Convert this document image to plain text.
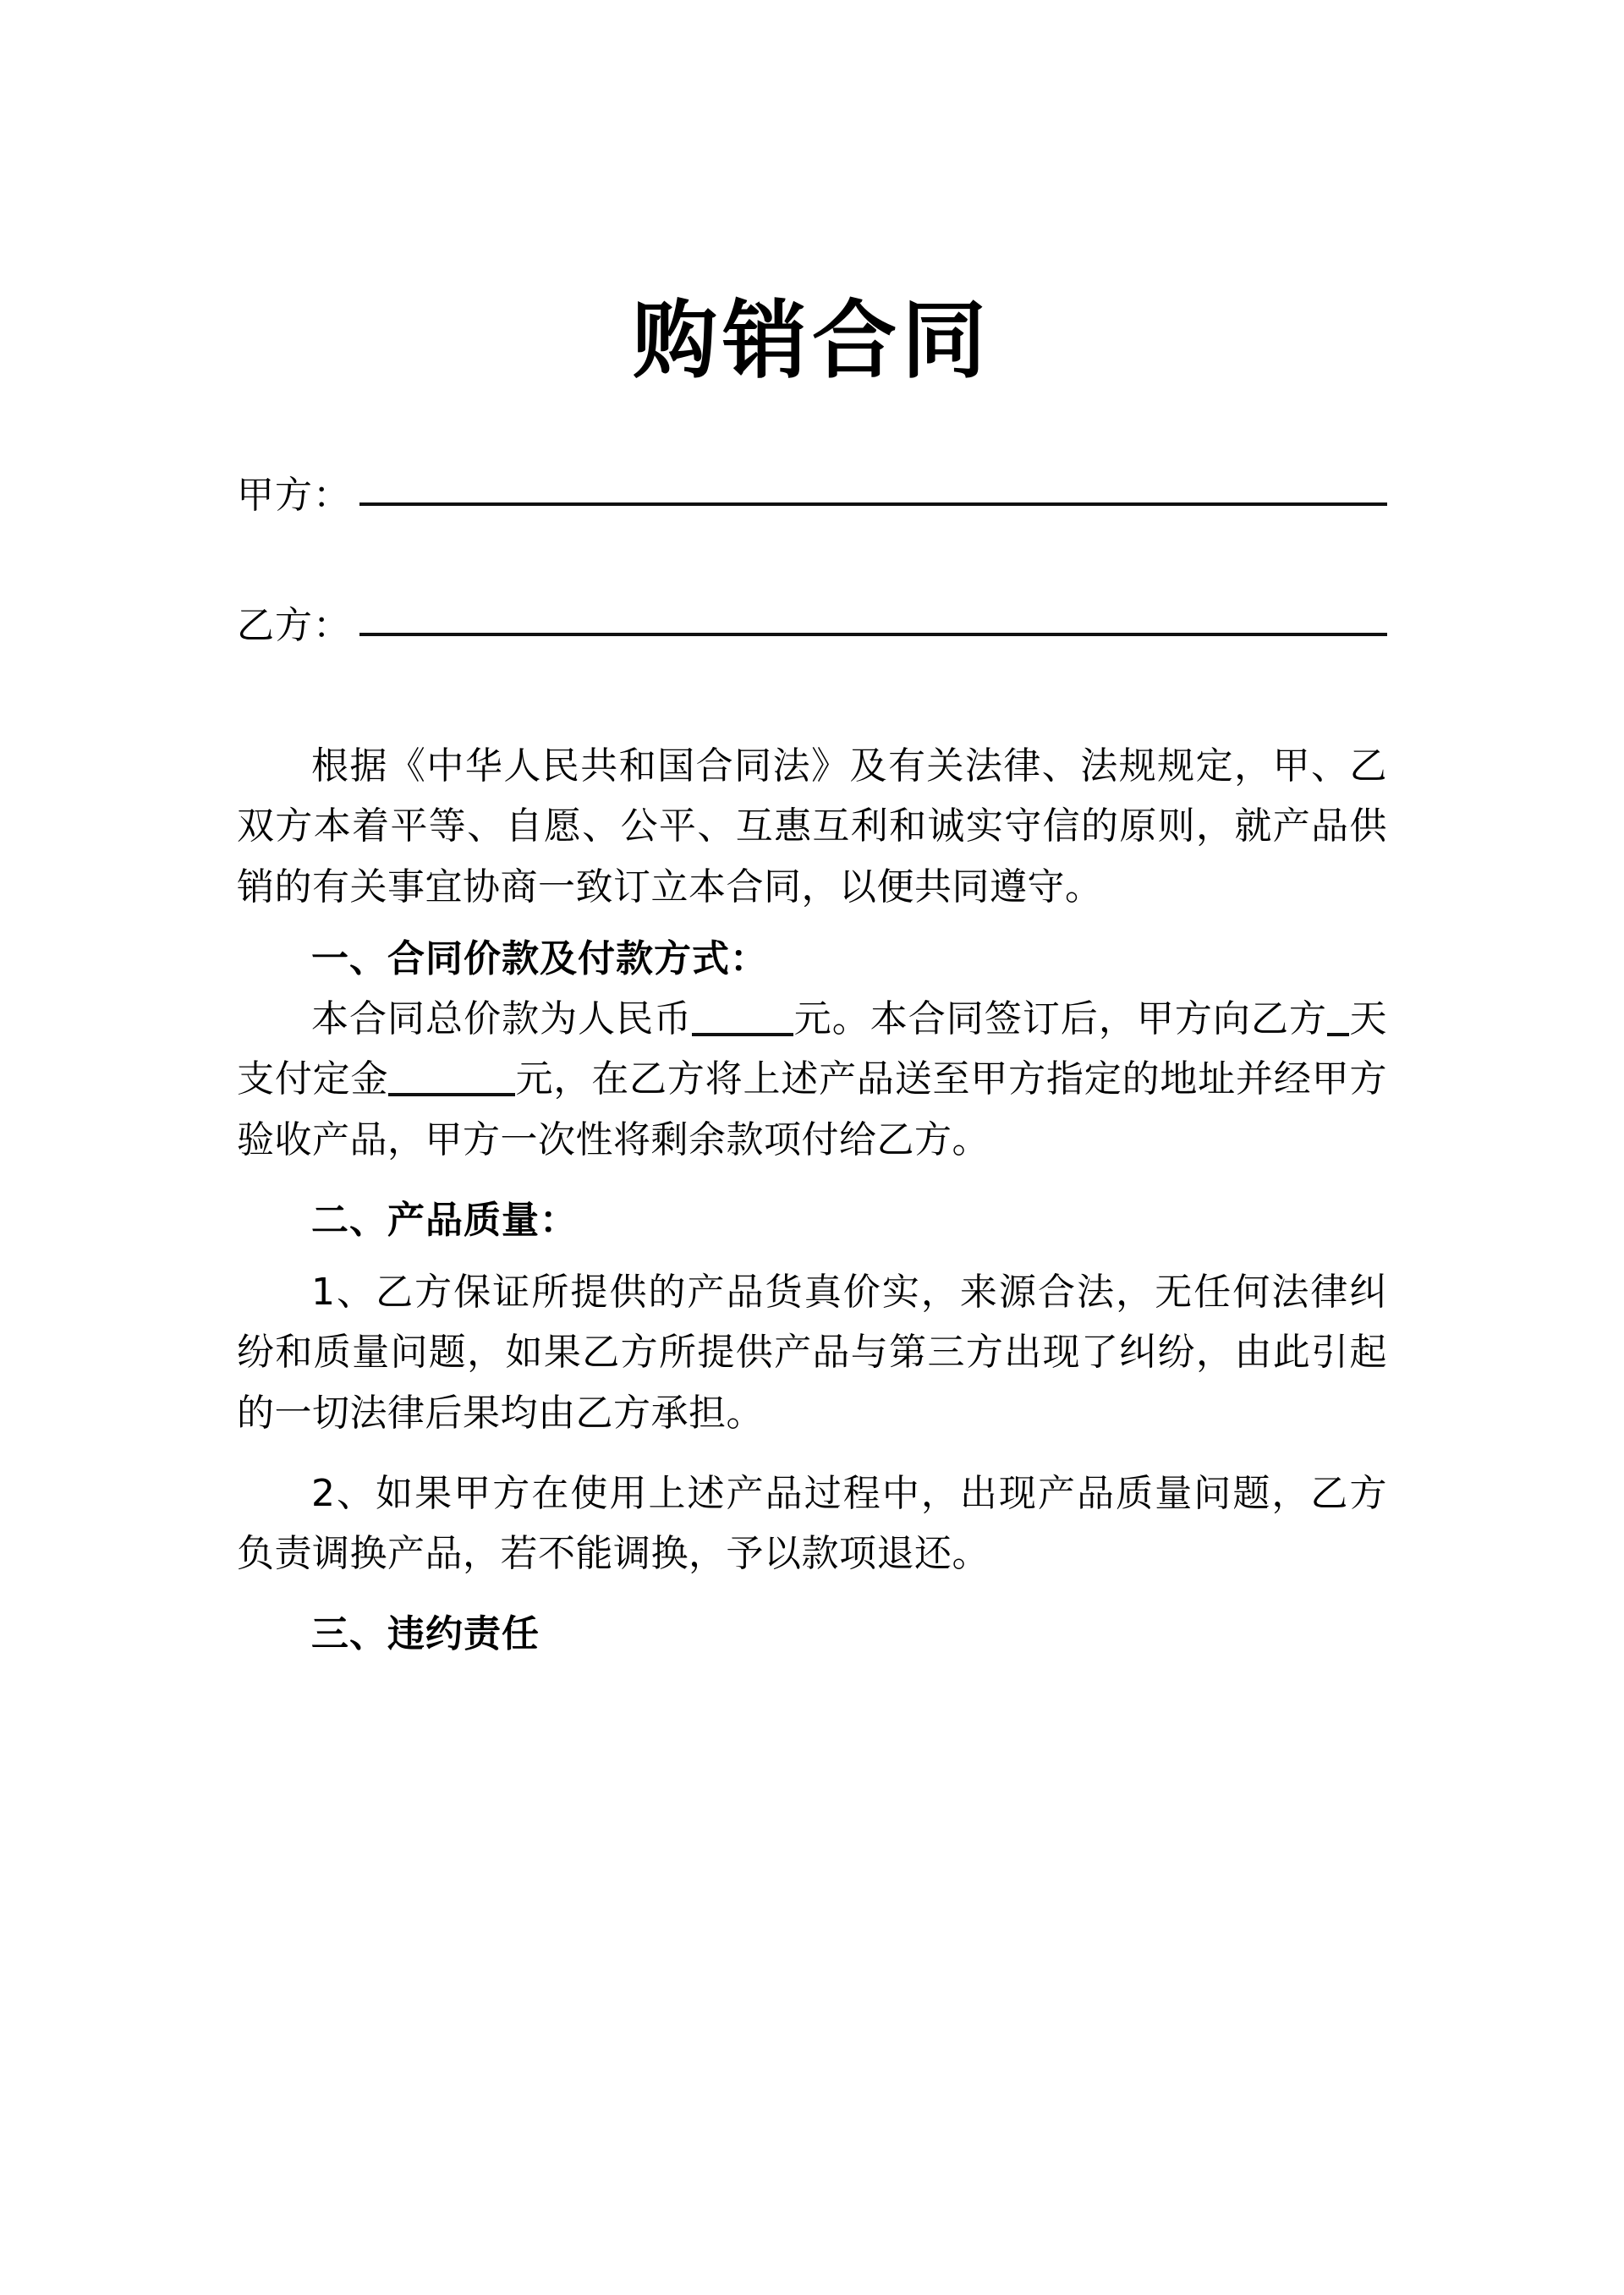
购销合同
甲方：
乙方：

根据《中华人民共和国合同法》及有关法律、法规规定，甲、乙双方本着平等、自愿、公平、互惠互利和诚实守信的原则，就产品供销的有关事宜协商一致订立本合同，以便共同遵守。

一、合同价款及付款方式：

本合同总价款为人民币	元。本合同签订后，甲方向乙方 天支付定金	元，在乙方将上述产品送至甲方指定的地址并经甲方验收产品，甲方一次性将剩余款项付给乙方。

二、产品质量：

1、乙方保证所提供的产品货真价实，来源合法，无任何法律纠纷和质量问题，如果乙方所提供产品与第三方出现了纠纷，由此引起的一切法律后果均由乙方承担。

2、如果甲方在使用上述产品过程中，出现产品质量问题，乙方负责调换产品，若不能调换，予以款项退还。

三、违约责任
